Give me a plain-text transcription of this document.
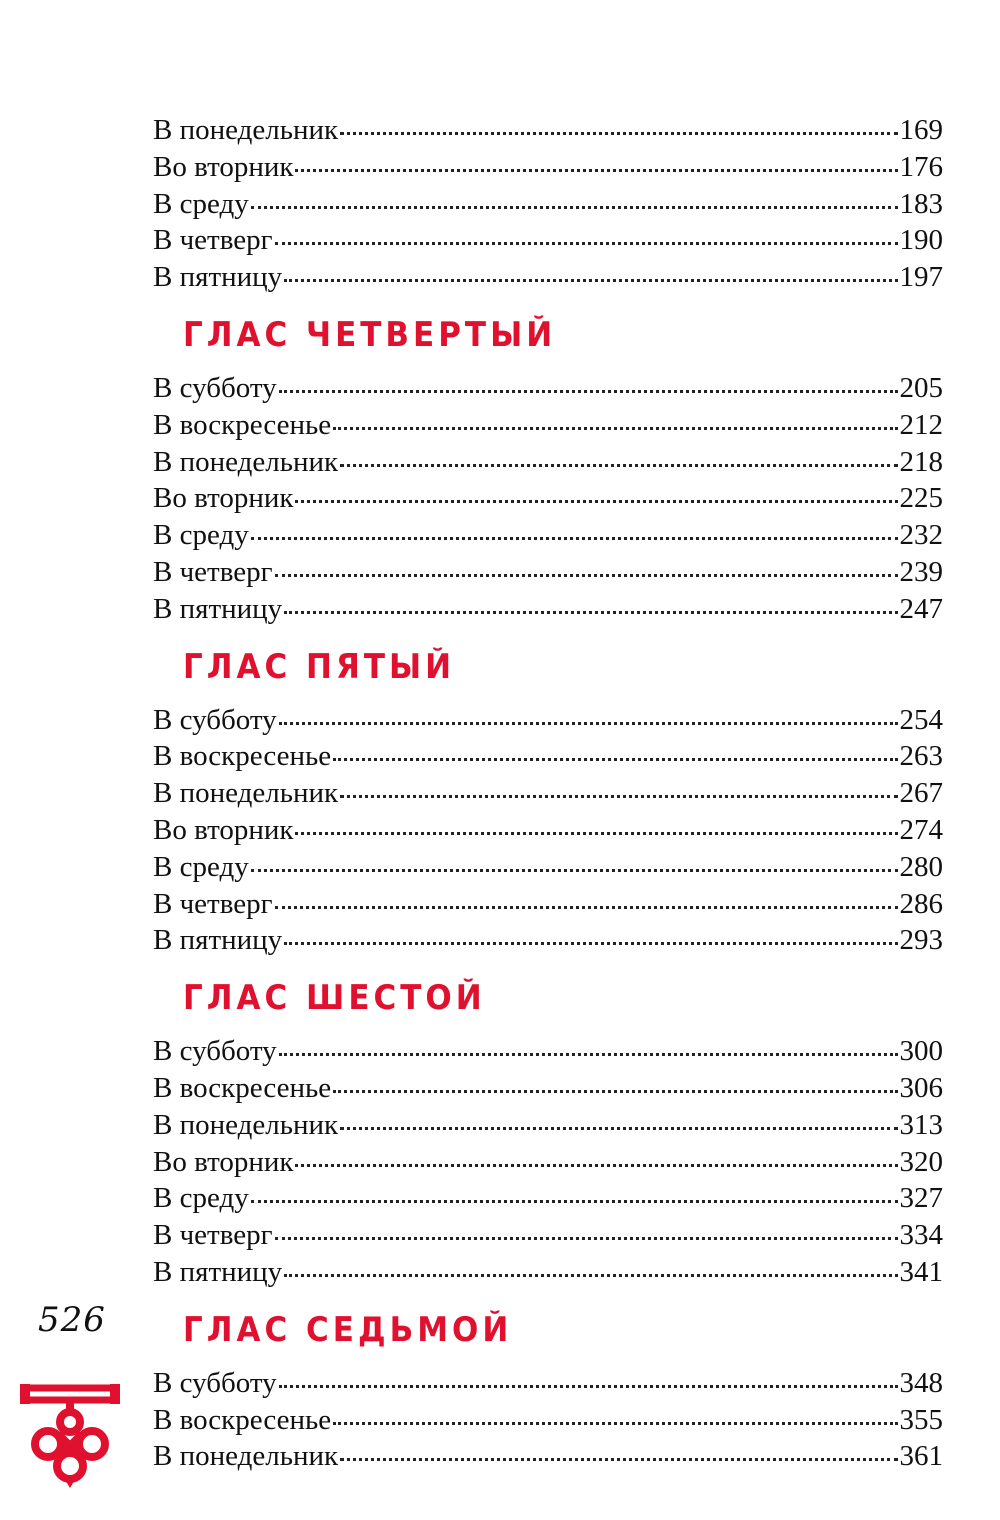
В понедельник	169
Во вторник	176
В среду	183
В четверг	190
В пятницу	197
ГЛАС ЧЕТВЕРТЫЙ
В субботу	205
В воскресенье	212
В понедельник	218
Во вторник	225
В среду	232
В четверг	239
В пятницу	247
ГЛАС ПЯТЫЙ
В субботу	254
В воскресенье	263
В понедельник	267
Во вторник	274
В среду	280
В четверг	286
В пятницу	293
ГЛАС ШЕСТОЙ
В субботу	300
В воскресенье	306
В понедельник	313
Во вторник	320
В среду	327
В четверг	334
В пятницу	341
ГЛАС СЕДЬМОЙ
В субботу	348
В воскресенье	355
В понедельник	361
526
